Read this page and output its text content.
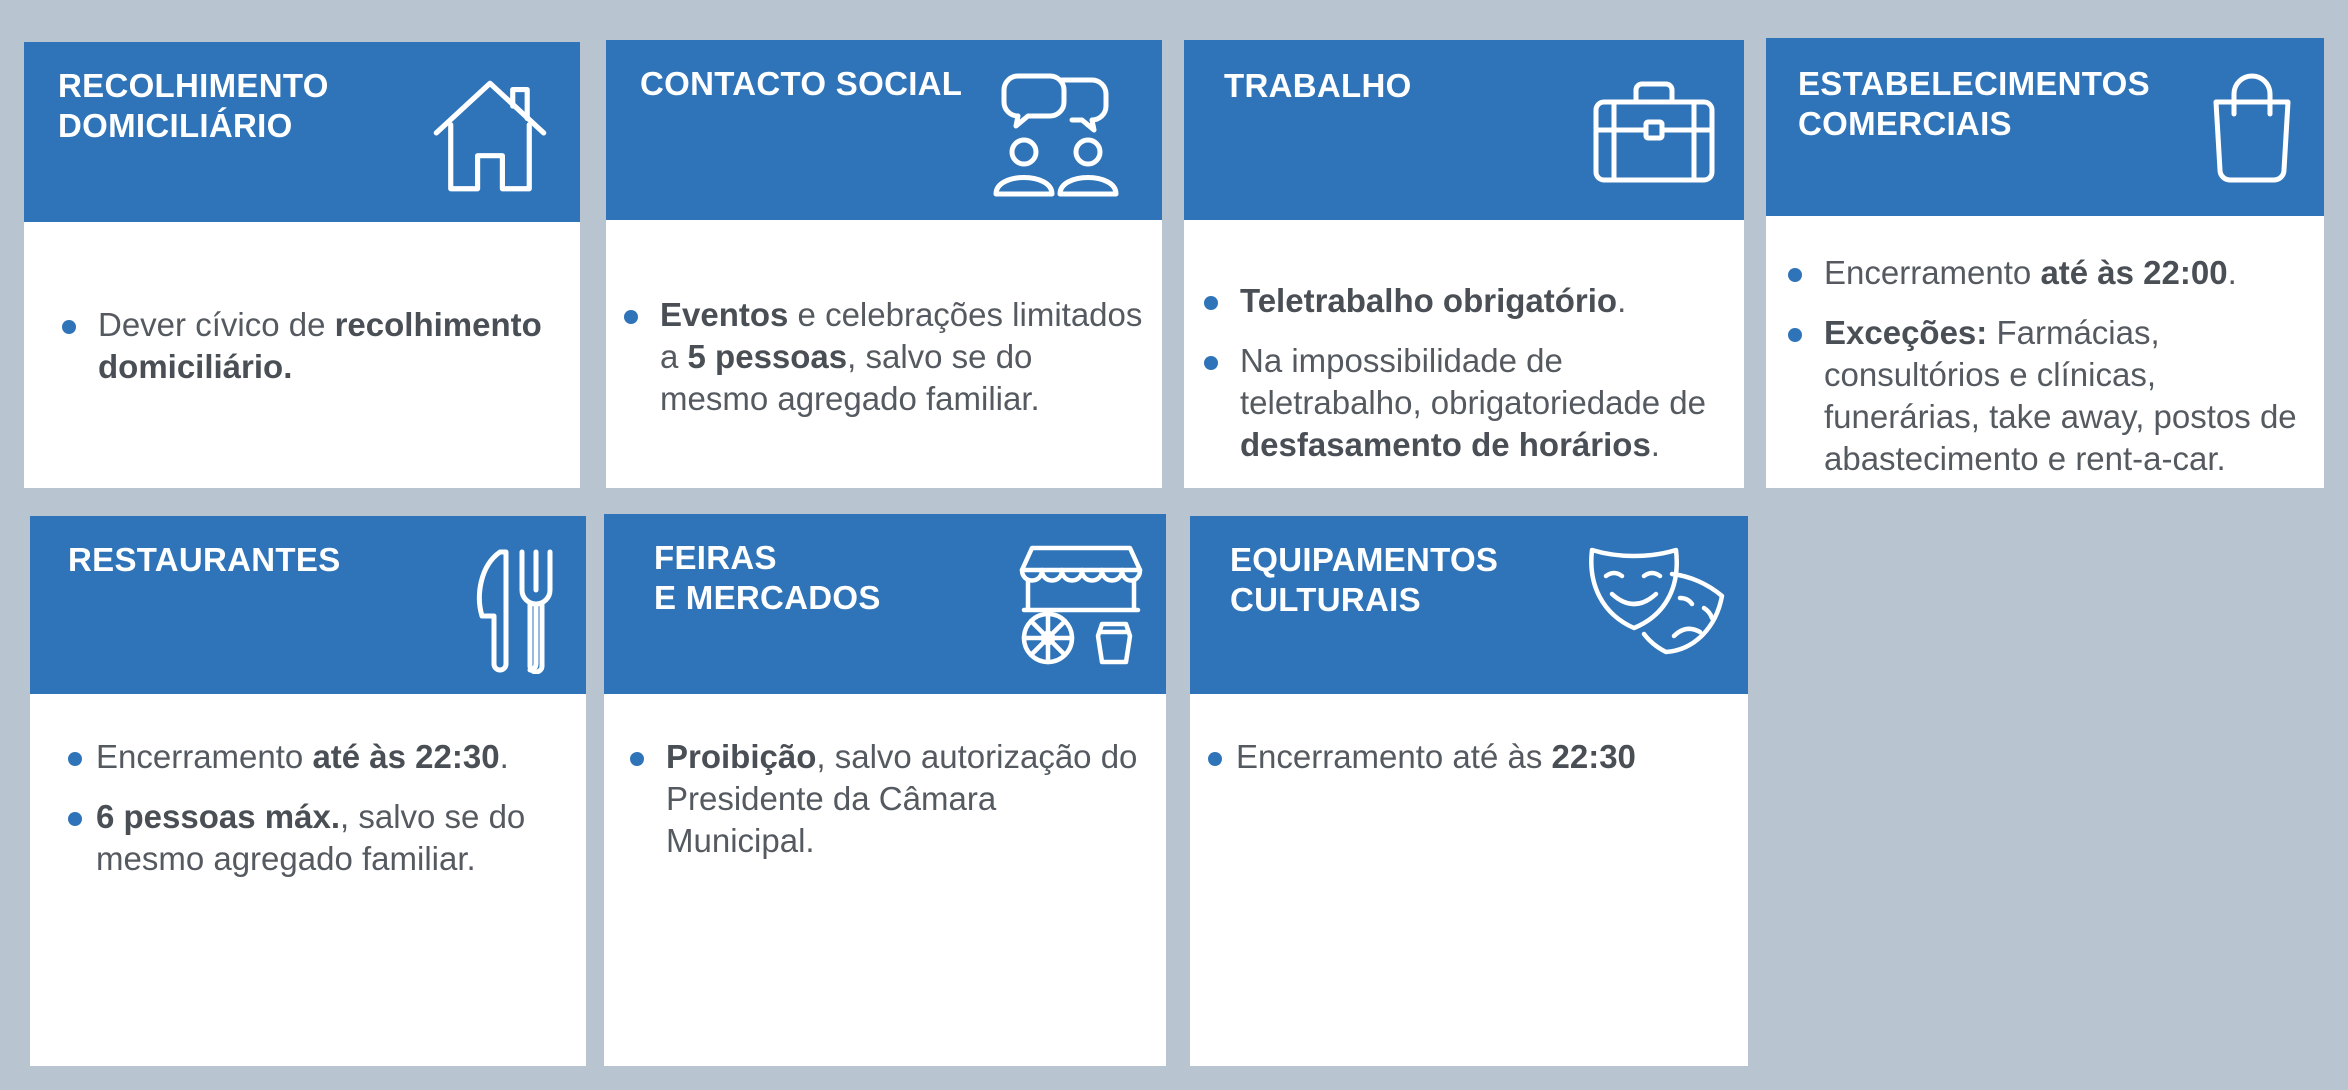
RECOLHIMENTO
DOMICILIÁRIO
Dever cívico de recolhimento domiciliário.
CONTACTO SOCIAL
Eventos e celebrações limitados a 5 pessoas, salvo se do mesmo agregado familiar.
TRABALHO
Teletrabalho obrigatório.
Na impossibilidade de teletrabalho, obrigatoriedade de desfasamento de horários.
ESTABELECIMENTOS
COMERCIAIS
Encerramento até às 22:00.
Exceções: Farmácias, consultórios e clínicas, funerárias, take away, postos de abastecimento e rent-a-car.
RESTAURANTES
Encerramento até às 22:30.
6 pessoas máx., salvo se do mesmo agregado familiar.
FEIRAS
E MERCADOS
Proibição, salvo autorização do Presidente da Câmara Municipal.
EQUIPAMENTOS
CULTURAIS
Encerramento até às 22:30
